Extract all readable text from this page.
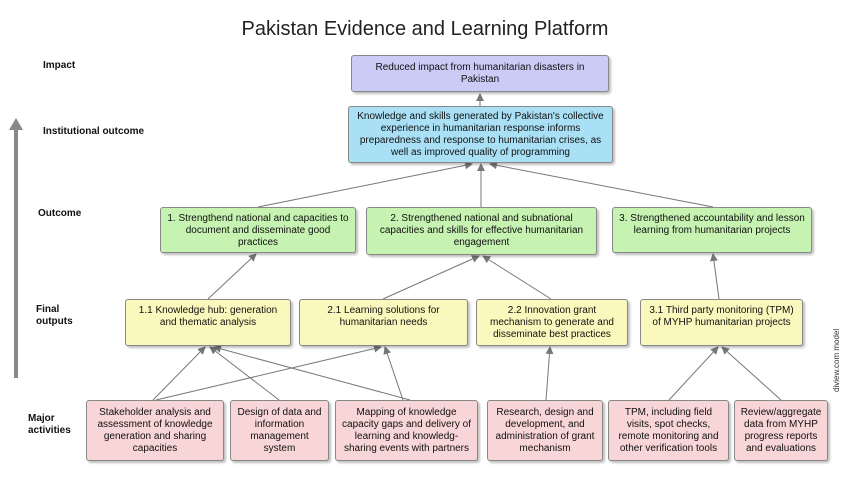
Pakistan Evidence and Learning Platform
Impact
Institutional outcome
Outcome
Final outputs
Major activities
Reduced impact from humanitarian disasters in Pakistan
Knowledge and skills generated by Pakistan's collective experience in humanitarian response informs preparedness and response to humanitarian crises, as well as improved quality of programming
1. Strengthend national and capacities to document and disseminate good practices
2. Strengthened national and subnational capacities and skills for effective humanitarian engagement
3. Strengthened accountability and lesson learning from humanitarian projects
1.1 Knowledge hub: generation and thematic analysis
2.1 Learning solutions for humanitarian needs
2.2 Innovation grant mechanism to generate and disseminate best practices
3.1 Third party monitoring (TPM) of MYHP humanitarian projects
Stakeholder analysis and assessment of knowledge generation and sharing capacities
Design of data and information management system
Mapping of knowledge capacity gaps and delivery of learning and knowledg-sharing events with partners
Research, design and development, and administration of grant mechanism
TPM, including field visits, spot checks, remote monitoring and other verification tools
Review/aggregate data from MYHP progress reports and evaluations
diview.com model
